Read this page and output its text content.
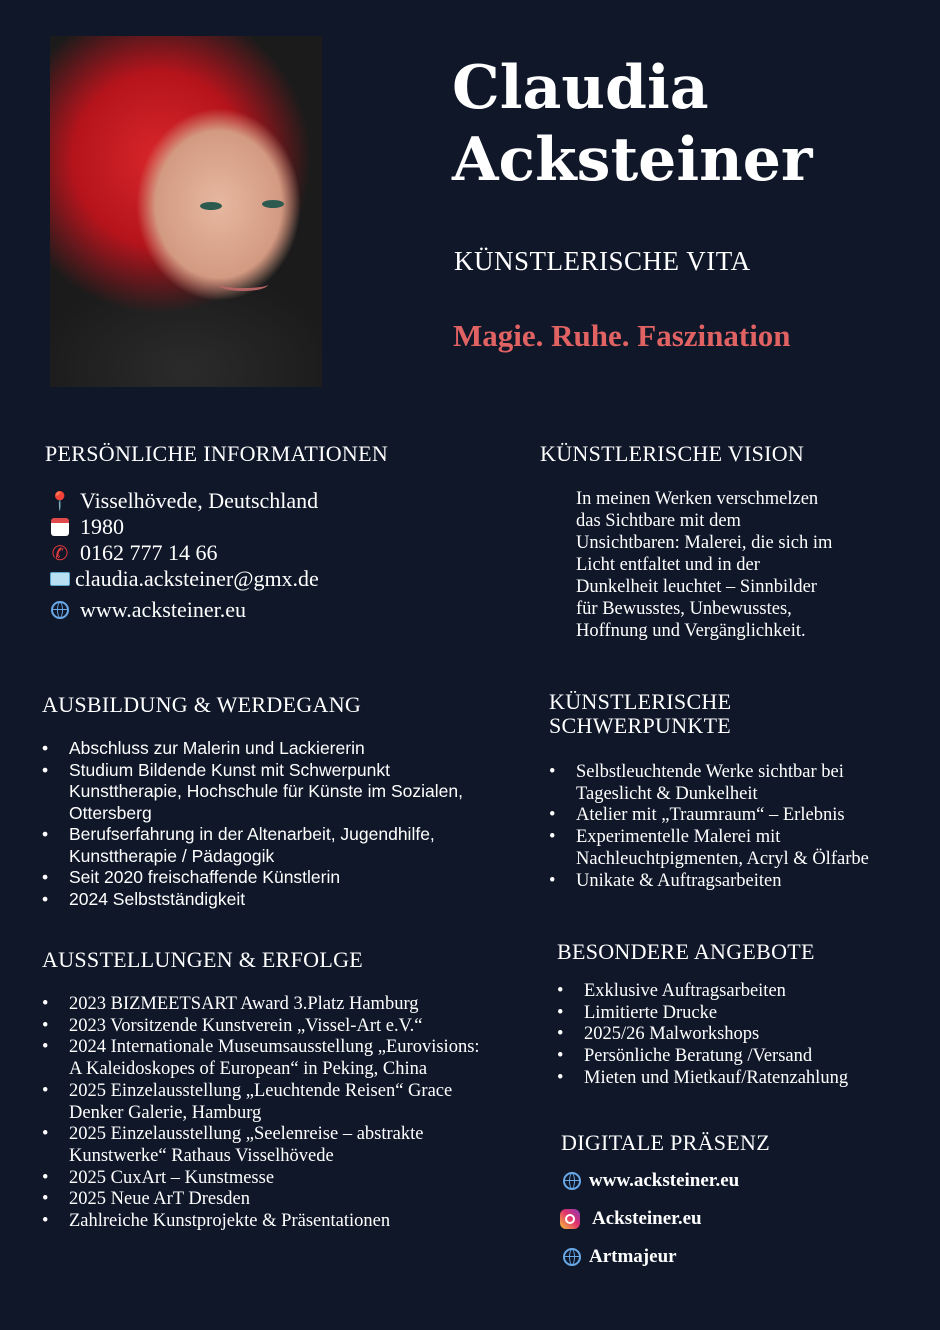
Claudia
Acksteiner
KÜNSTLERISCHE VITA
Magie. Ruhe. Faszination
PERSÖNLICHE INFORMATIONEN
📍 Visselhövede, Deutschland
1980
✆ 0162 777 14 66
claudia.acksteiner@gmx.de
www.acksteiner.eu
KÜNSTLERISCHE VISION
In meinen Werken verschmelzen
das Sichtbare mit dem
Unsichtbaren: Malerei, die sich im
Licht entfaltet und in der
Dunkelheit leuchtet – Sinnbilder
für Bewusstes, Unbewusstes,
Hoffnung und Vergänglichkeit.
AUSBILDUNG & WERDEGANG
• Abschluss zur Malerin und Lackiererin
• Studium Bildende Kunst mit Schwerpunkt Kunsttherapie, Hochschule für Künste im Sozialen, Ottersberg
• Berufserfahrung in der Altenarbeit, Jugendhilfe, Kunsttherapie / Pädagogik
• Seit 2020 freischaffende Künstlerin
• 2024 Selbstständigkeit
KÜNSTLERISCHE
SCHWERPUNKTE
• Selbstleuchtende Werke sichtbar bei Tageslicht & Dunkelheit
• Atelier mit „Traumraum“ – Erlebnis
• Experimentelle Malerei mit Nachleuchtpigmenten, Acryl & Ölfarbe
• Unikate & Auftragsarbeiten
AUSSTELLUNGEN & ERFOLGE
• 2023 BIZMEETSART Award 3.Platz Hamburg
• 2023 Vorsitzende Kunstverein „Vissel-Art e.V.“
• 2024 Internationale Museumsausstellung „Eurovisions: A Kaleidoskopes of European“ in Peking, China
• 2025 Einzelausstellung „Leuchtende Reisen“ Grace Denker Galerie, Hamburg
• 2025 Einzelausstellung „Seelenreise – abstrakte Kunstwerke“ Rathaus Visselhövede
• 2025 CuxArt – Kunstmesse
• 2025 Neue ArT Dresden
• Zahlreiche Kunstprojekte & Präsentationen
BESONDERE ANGEBOTE
• Exklusive Auftragsarbeiten
• Limitierte Drucke
• 2025/26 Malworkshops
• Persönliche Beratung /Versand
• Mieten und Mietkauf/Ratenzahlung
DIGITALE PRÄSENZ
www.acksteiner.eu
Acksteiner.eu
Artmajeur
